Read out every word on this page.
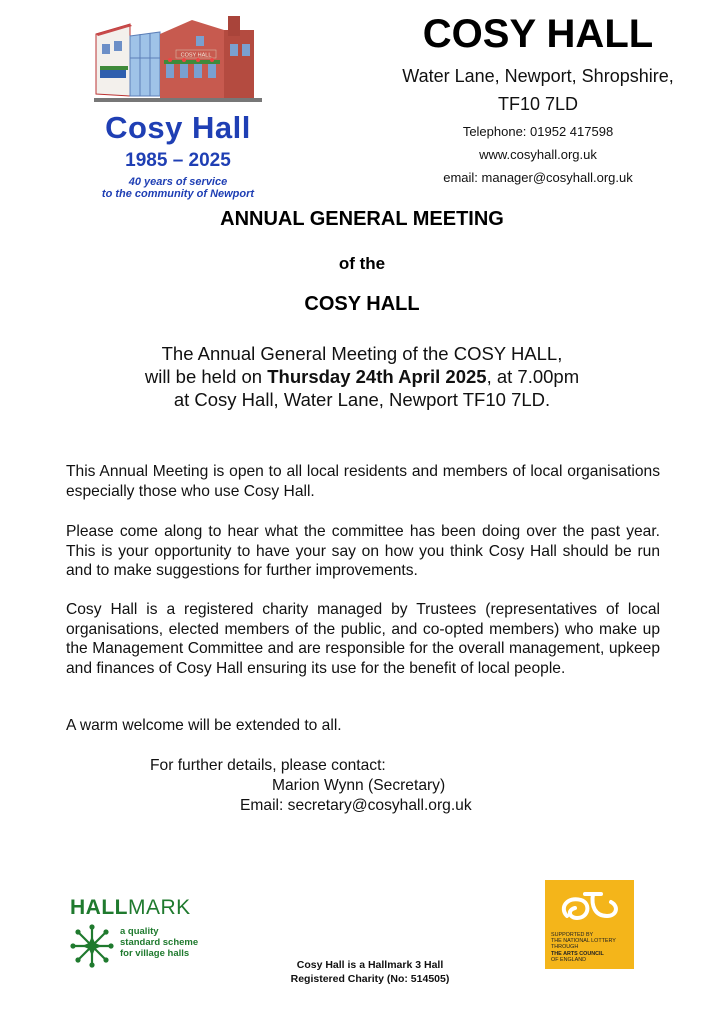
COSY HALL
Cosy Hall
1985 – 2025
40 years of service
to the community of Newport
COSY HALL
Water Lane, Newport, Shropshire,
TF10 7LD
Telephone: 01952 417598
www.cosyhall.org.uk
email: manager@cosyhall.org.uk
ANNUAL GENERAL MEETING
of the
COSY HALL
The Annual General Meeting of the COSY HALL,
will be held on Thursday 24th April 2025, at 7.00pm
at Cosy Hall, Water Lane, Newport TF10 7LD.
This Annual Meeting is open to all local residents and members of local organisations especially those who use Cosy Hall.
Please come along to hear what the committee has been doing over the past year. This is your opportunity to have your say on how you think Cosy Hall should be run and to make suggestions for further improvements.
Cosy Hall is a registered charity managed by Trustees (representatives of local organisations, elected members of the public, and co-opted members) who make up the Management Committee and are responsible for the overall management, upkeep and finances of Cosy Hall ensuring its use for the benefit of local people.
A warm welcome will be extended to all.
For further details, please contact:
Marion Wynn (Secretary)
Email: secretary@cosyhall.org.uk
HALLMARK
a quality
standard scheme
for village halls
Cosy Hall is a Hallmark 3 Hall
Registered Charity (No: 514505)
SUPPORTED BY
THE NATIONAL LOTTERY
THROUGH
THE ARTS COUNCIL
OF ENGLAND
